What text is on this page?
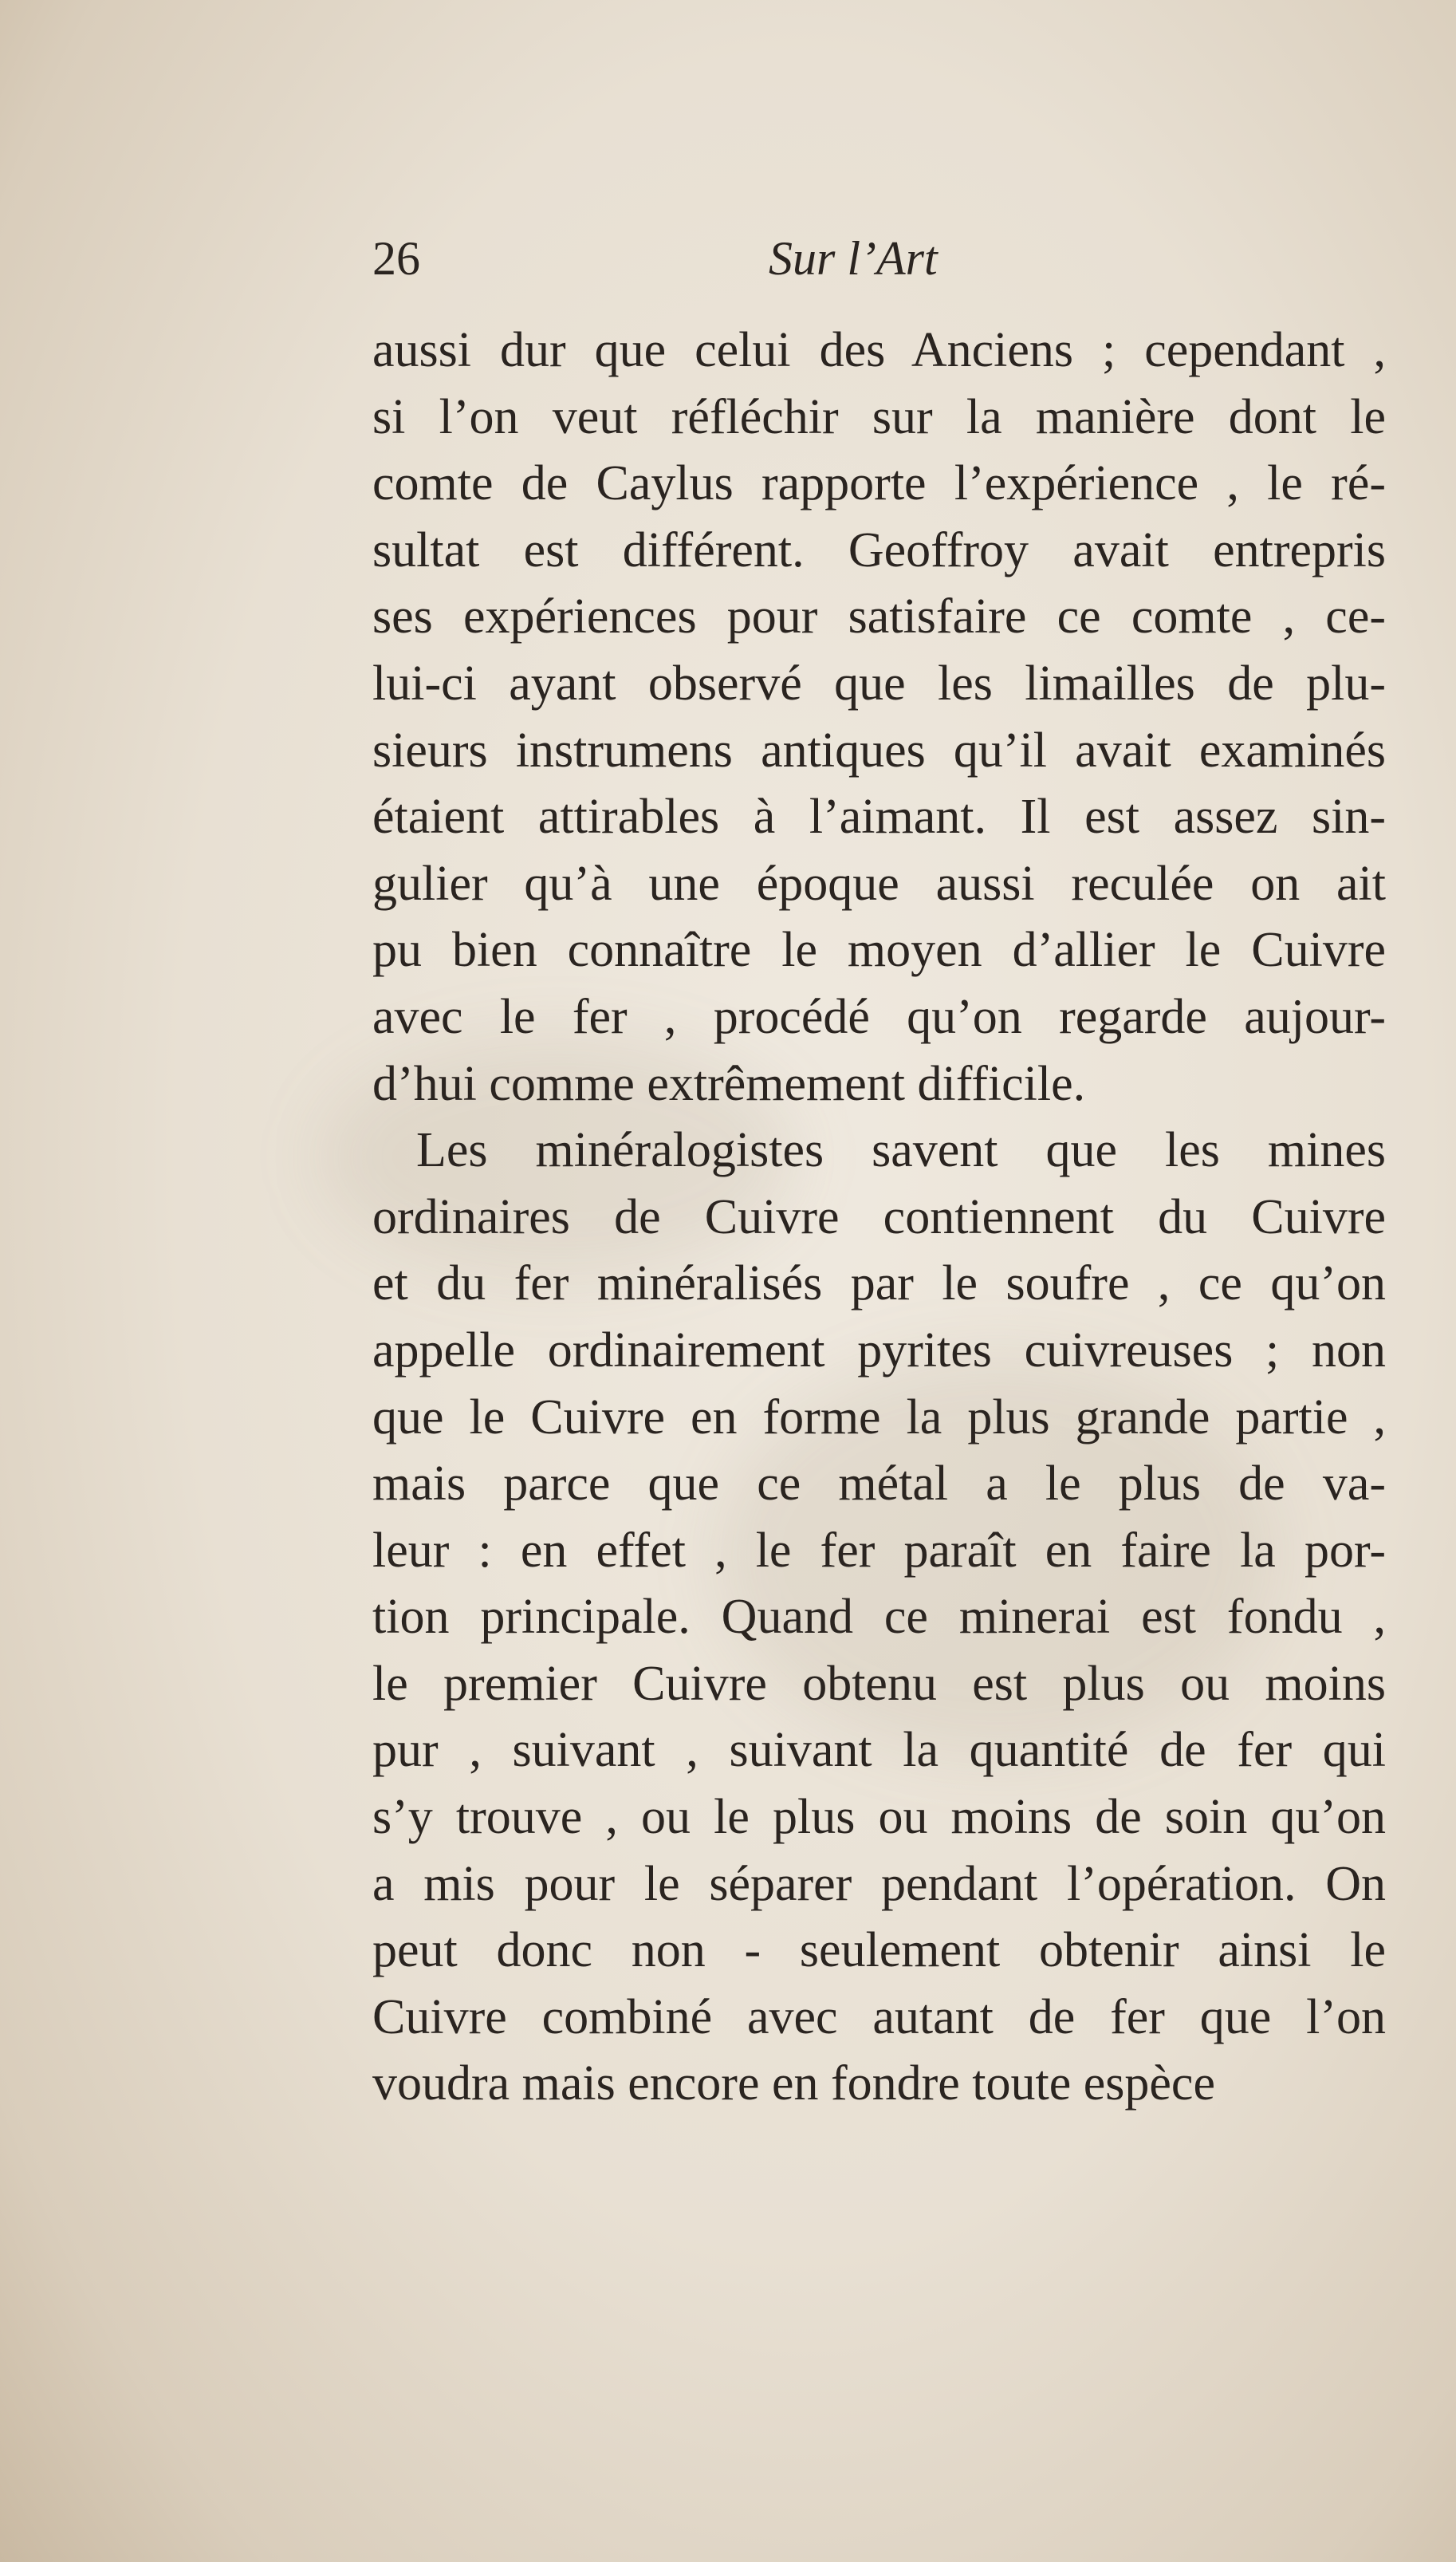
26	Sur l’Art
aussi dur que celui des Anciens ; cependant ,
si l’on veut réfléchir sur la manière dont le
comte de Caylus rapporte l’expérience , le ré-
sultat est différent. Geoffroy avait entrepris
ses expériences pour satisfaire ce comte , ce-
lui-ci ayant observé que les limailles de plu-
sieurs instrumens antiques qu’il avait examinés
étaient attirables à l’aimant. Il est assez sin-
gulier qu’à une époque aussi reculée on ait
pu bien connaître le moyen d’allier le Cuivre
avec le fer , procédé qu’on regarde aujour-
d’hui comme extrêmement difficile.
Les minéralogistes savent que les mines
ordinaires de Cuivre contiennent du Cuivre
et du fer minéralisés par le soufre , ce qu’on
appelle ordinairement pyrites cuivreuses ; non
que le Cuivre en forme la plus grande partie ,
mais parce que ce métal a le plus de va-
leur : en effet , le fer paraît en faire la por-
tion principale. Quand ce minerai est fondu ,
le premier Cuivre obtenu est plus ou moins
pur , suivant , suivant la quantité de fer qui
s’y trouve , ou le plus ou moins de soin qu’on
a mis pour le séparer pendant l’opération. On
peut donc non - seulement obtenir ainsi le
Cuivre combiné avec autant de fer que l’on
voudra mais encore en fondre toute espèce
